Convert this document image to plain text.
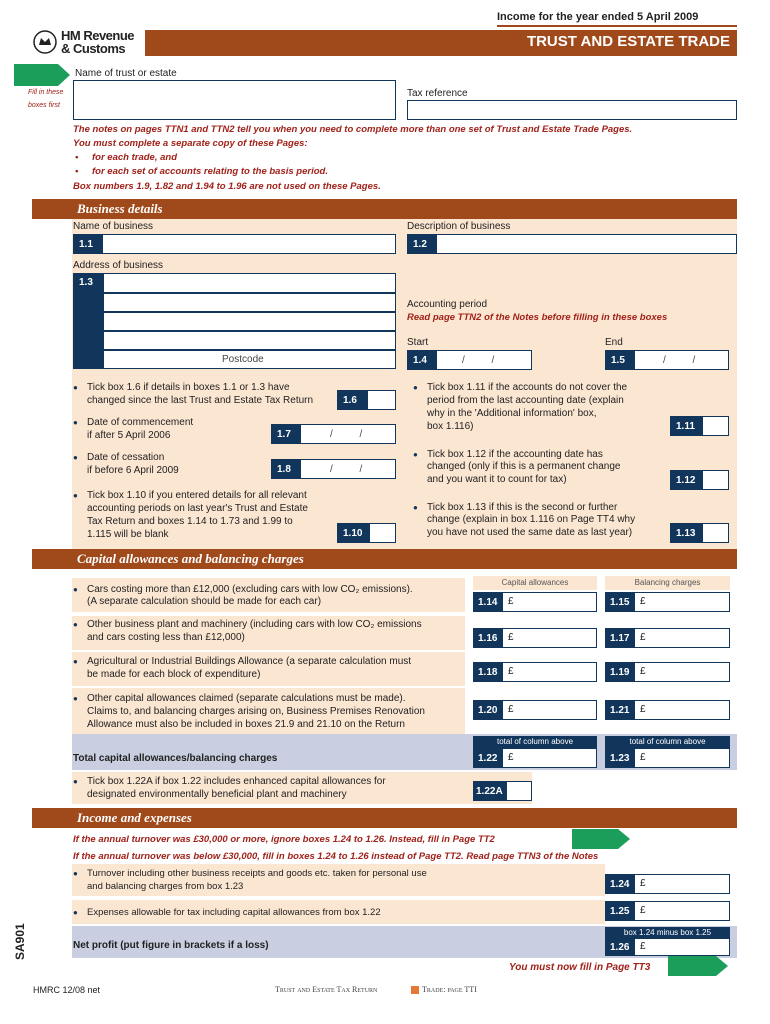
Income for the year ended 5 April 2009
HM Revenue
& Customs	TRUST AND ESTATE TRADE
Name of trust or estate
Fill in these
boxes first
Tax reference
The notes on pages TTN1 and TTN2 tell you when you need to complete more than one set of Trust and Estate Trade Pages.
You must complete a separate copy of these Pages:
• for each trade, and
• for each set of accounts relating to the basis period.
Box numbers 1.9, 1.82 and 1.94 to 1.96 are not used on these Pages.
Business details
Name of business	Description of business
1.1	1.2
Address of business
1.3
Postcode
Accounting period
Read page TTN2 of the Notes before filling in these boxes
Start	End
1.4	/ /	1.5	/ /
● Tick box 1.6 if details in boxes 1.1 or 1.3 have
changed since the last Trust and Estate Tax Return	1.6
● Date of commencement
if after 5 April 2006	1.7	/ /
● Date of cessation
if before 6 April 2009	1.8	/ /
● Tick box 1.10 if you entered details for all relevant
accounting periods on last year's Trust and Estate
Tax Return and boxes 1.14 to 1.73 and 1.99 to
1.115 will be blank	1.10
● Tick box 1.11 if the accounts do not cover the
period from the last accounting date (explain
why in the 'Additional information' box,
box 1.116)	1.11
● Tick box 1.12 if the accounting date has
changed (only if this is a permanent change
and you want it to count for tax)	1.12
● Tick box 1.13 if this is the second or further
change (explain in box 1.116 on Page TT4 why
you have not used the same date as last year)	1.13
Capital allowances and balancing charges
Capital allowances	Balancing charges
● Cars costing more than £12,000 (excluding cars with low CO₂ emissions).
(A separate calculation should be made for each car)	1.14	£	1.15	£
● Other business plant and machinery (including cars with low CO₂ emissions
and cars costing less than £12,000)	1.16	£	1.17	£
● Agricultural or Industrial Buildings Allowance (a separate calculation must
be made for each block of expenditure)	1.18	£	1.19	£
● Other capital allowances claimed (separate calculations must be made).
Claims to, and balancing charges arising on, Business Premises Renovation
Allowance must also be included in boxes 21.9 and 21.10 on the Return
1.20	£	1.21	£
total of column above	total of column above
Total capital allowances/balancing charges	1.22	£	1.23	£
● Tick box 1.22A if box 1.22 includes enhanced capital allowances for
designated environmentally beneficial plant and machinery	1.22A
Income and expenses
If the annual turnover was £30,000 or more, ignore boxes 1.24 to 1.26. Instead, fill in Page TT2
If the annual turnover was below £30,000, fill in boxes 1.24 to 1.26 instead of Page TT2. Read page TTN3 of the Notes
● Turnover including other business receipts and goods etc. taken for personal use
and balancing charges from box 1.23	1.24	£
● Expenses allowable for tax including capital allowances from box 1.22	1.25	£
box 1.24 minus box 1.25
Net profit (put figure in brackets if a loss)	1.26	£
You must now fill in Page TT3
SA901
HMRC 12/08 net	Trust and Estate Tax Return	Trade: page TTI
